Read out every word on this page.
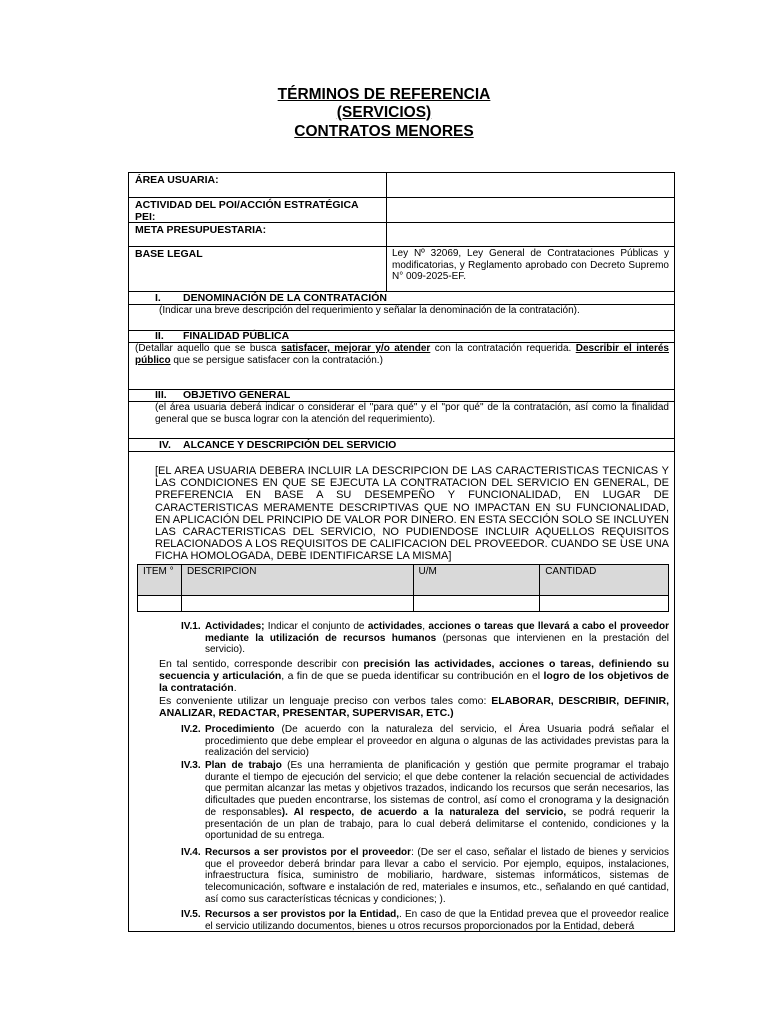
TÉRMINOS DE REFERENCIA
(SERVICIOS)
CONTRATOS MENORES
ÁREA USUARIA:
ACTIVIDAD DEL POI/ACCIÓN ESTRATÉGICA PEI:
META PRESUPUESTARIA:
BASE LEGAL	Ley Nº 32069, Ley General de Contrataciones Públicas y modificatorias, y Reglamento aprobado con Decreto Supremo N° 009-2025-EF.
I. DENOMINACIÓN DE LA CONTRATACIÓN
(Indicar una breve descripción del requerimiento y señalar la denominación de la contratación).
II. FINALIDAD PÚBLICA
(Detallar aquello que se busca satisfacer, mejorar y/o atender con la contratación requerida. Describir el interés público que se persigue satisfacer con la contratación.)
III. OBJETIVO GENERAL
(el área usuaria deberá indicar o considerar el "para qué" y el "por qué" de la contratación, así como la finalidad general que se busca lograr con la atención del requerimiento).
IV. ALCANCE Y DESCRIPCIÓN DEL SERVICIO
[EL AREA USUARIA DEBERA INCLUIR LA DESCRIPCION DE LAS CARACTERISTICAS TECNICAS Y LAS CONDICIONES EN QUE SE EJECUTA LA CONTRATACION DEL SERVICIO EN GENERAL, DE PREFERENCIA EN BASE A SU DESEMPEÑO Y FUNCIONALIDAD, EN LUGAR DE CARACTERISTICAS MERAMENTE DESCRIPTIVAS QUE NO IMPACTAN EN SU FUNCIONALIDAD, EN APLICACIÓN DEL PRINCIPIO DE VALOR POR DINERO. EN ESTA SECCIÓN SOLO SE INCLUYEN LAS CARACTERISTICAS DEL SERVICIO, NO PUDIENDOSE INCLUIR AQUELLOS REQUISITOS RELACIONADOS A LOS REQUISITOS DE CALIFICACION DEL PROVEEDOR. CUANDO SE USE UNA FICHA HOMOLOGADA, DEBE IDENTIFICARSE LA MISMA]
ITEM °	DESCRIPCION	U/M	CANTIDAD

IV.1. Actividades; Indicar el conjunto de actividades, acciones o tareas que llevará a cabo el proveedor mediante la utilización de recursos humanos (personas que intervienen en la prestación del servicio).
En tal sentido, corresponde describir con precisión las actividades, acciones o tareas, definiendo su secuencia y articulación, a fin de que se pueda identificar su contribución en el logro de los objetivos de la contratación.
Es conveniente utilizar un lenguaje preciso con verbos tales como: ELABORAR, DESCRIBIR, DEFINIR, ANALIZAR, REDACTAR, PRESENTAR, SUPERVISAR, ETC.)
IV.2. Procedimiento (De acuerdo con la naturaleza del servicio, el Área Usuaria podrá señalar el procedimiento que debe emplear el proveedor en alguna o algunas de las actividades previstas para la realización del servicio)
IV.3. Plan de trabajo (Es una herramienta de planificación y gestión que permite programar el trabajo durante el tiempo de ejecución del servicio; el que debe contener la relación secuencial de actividades que permitan alcanzar las metas y objetivos trazados, indicando los recursos que serán necesarios, las dificultades que pueden encontrarse, los sistemas de control, así como el cronograma y la designación de responsables). Al respecto, de acuerdo a la naturaleza del servicio, se podrá requerir la presentación de un plan de trabajo, para lo cual deberá delimitarse el contenido, condiciones y la oportunidad de su entrega.
IV.4. Recursos a ser provistos por el proveedor: (De ser el caso, señalar el listado de bienes y servicios que el proveedor deberá brindar para llevar a cabo el servicio. Por ejemplo, equipos, instalaciones, infraestructura física, suministro de mobiliario, hardware, sistemas informáticos, sistemas de telecomunicación, software e instalación de red, materiales e insumos, etc., señalando en qué cantidad, así como sus características técnicas y condiciones; ).
IV.5. Recursos a ser provistos por la Entidad,. En caso de que la Entidad prevea que el proveedor realice el servicio utilizando documentos, bienes u otros recursos proporcionados por la Entidad, deberá
